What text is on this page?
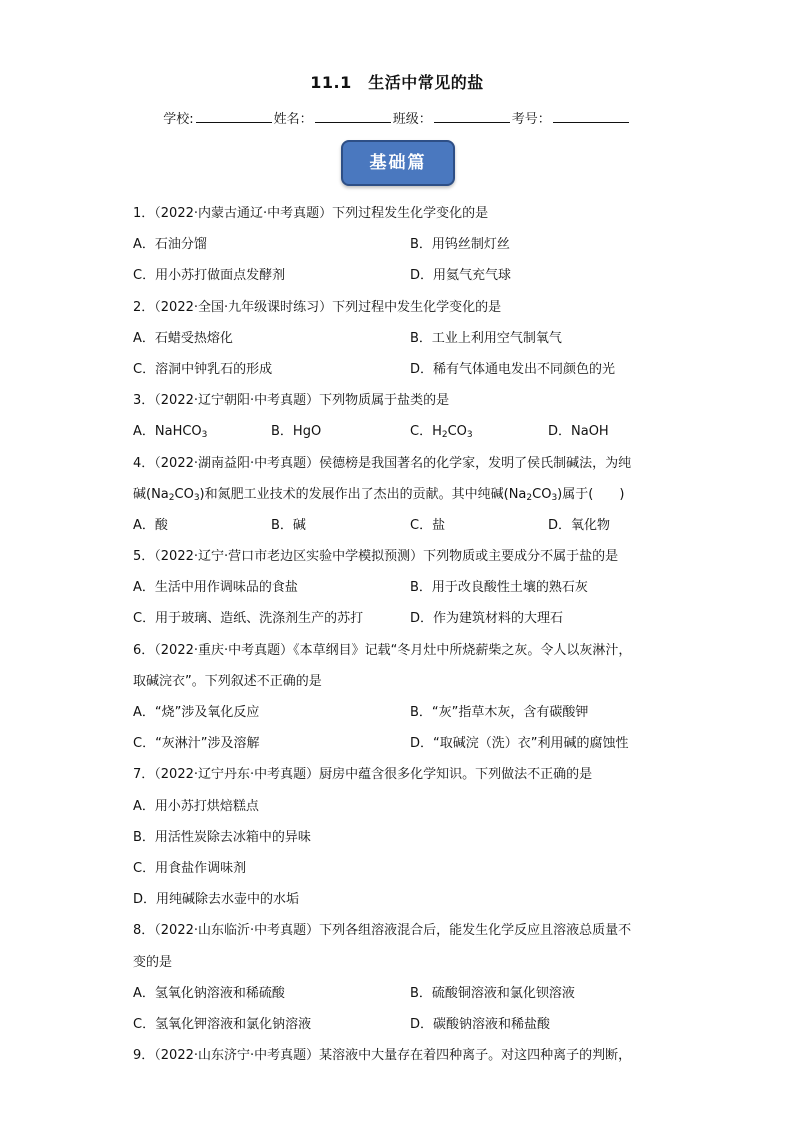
11.1　生活中常见的盐
学校:	姓名：	班级：	考号：
基础篇
1．（2022·内蒙古通辽·中考真题）下列过程发生化学变化的是
A．石油分馏	B．用钨丝制灯丝
C．用小苏打做面点发酵剂	D．用氦气充气球
2．（2022·全国·九年级课时练习）下列过程中发生化学变化的是
A．石蜡受热熔化	B．工业上利用空气制氧气
C．溶洞中钟乳石的形成	D．稀有气体通电发出不同颜色的光
3．（2022·辽宁朝阳·中考真题）下列物质属于盐类的是
A．NaHCO$_3$	B．HgO	C．$H_2CO_3$	D．NaOH
4．（2022·湖南益阳·中考真题）侯德榜是我国著名的化学家，发明了侯氏制碱法，为纯
碱$(Na_2CO_3)$和氮肥工业技术的发展作出了杰出的贡献。其中纯碱$(Na_2CO_3)$属于(　　)
A．酸	B．碱	C．盐	D．氧化物
5．（2022·辽宁·营口市老边区实验中学模拟预测）下列物质或主要成分不属于盐的是
A．生活中用作调味品的食盐	B．用于改良酸性土壤的熟石灰
C．用于玻璃、造纸、洗涤剂生产的苏打	D．作为建筑材料的大理石
6．（2022·重庆·中考真题）《本草纲目》记载“冬月灶中所烧薪柴之灰。令人以灰淋汁，
取碱浣衣”。下列叙述不正确的是
A．“烧”涉及氧化反应	B．“灰”指草木灰，含有碳酸钾
C．“灰淋汁”涉及溶解	D．“取碱浣（洗）衣”利用碱的腐蚀性
7．（2022·辽宁丹东·中考真题）厨房中蕴含很多化学知识。下列做法不正确的是
A．用小苏打烘焙糕点
B．用活性炭除去冰箱中的异味
C．用食盐作调味剂
D．用纯碱除去水壶中的水垢
8．（2022·山东临沂·中考真题）下列各组溶液混合后，能发生化学反应且溶液总质量不
变的是
A．氢氧化钠溶液和稀硫酸	B．硫酸铜溶液和氯化钡溶液
C．氢氧化钾溶液和氯化钠溶液	D．碳酸钠溶液和稀盐酸
9．（2022·山东济宁·中考真题）某溶液中大量存在着四种离子。对这四种离子的判断，
